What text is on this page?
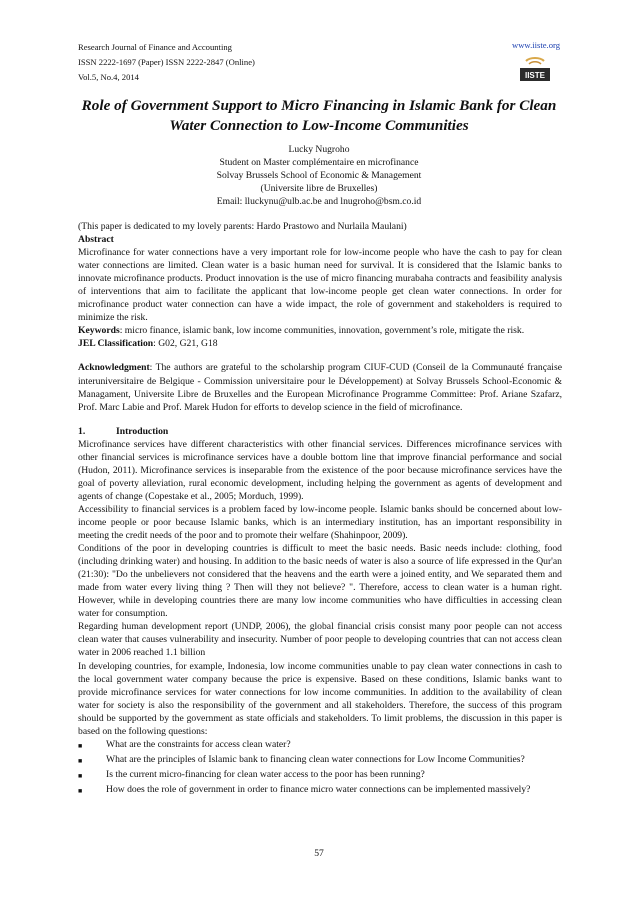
Research Journal of Finance and Accounting
ISSN 2222-1697 (Paper) ISSN 2222-2847 (Online)
Vol.5, No.4, 2014
www.iiste.org
IISTE
Role of Government Support to Micro Financing in Islamic Bank for Clean Water Connection to Low-Income Communities
Lucky Nugroho
Student on Master complémentaire en microfinance
Solvay Brussels School of Economic & Management
(Universite libre de Bruxelles)
Email: lluckynu@ulb.ac.be and lnugroho@bsm.co.id

(This paper is dedicated to my lovely parents: Hardo Prastowo and Nurlaila Maulani)

Abstract

Microfinance for water connections have a very important role for low-income people who have the cash to pay for clean water connections are limited. Clean water is a basic human need for survival. It is considered that the Islamic banks to innovate microfinance products. Product innovation is the use of micro financing murabaha contracts and feasibility analysis of interventions that aim to facilitate the applicant that low-income people get clean water connections. In order for microfinance product water connection can have a wide impact, the role of government and stakeholders is required to minimize the risk.

Keywords: micro finance, islamic bank, low income communities, innovation, government’s role, mitigate the risk.

JEL Classification: G02, G21, G18

Acknowledgment: The authors are grateful to the scholarship program CIUF-CUD (Conseil de la Communauté française interuniversitaire de Belgique - Commission universitaire pour le Développement) at Solvay Brussels School-Economic & Managament, Universite Libre de Bruxelles and the European Microfinance Programme Committee: Prof. Ariane Szafarz, Prof. Marc Labie and Prof. Marek Hudon for efforts to develop science in the field of microfinance.

1.	Introduction

Microfinance services have different characteristics with other financial services. Differences microfinance services with other financial services is microfinance services have a double bottom line that improve financial performance and social (Hudon, 2011). Microfinance services is inseparable from the existence of the poor because microfinance services have the goal of poverty alleviation, rural economic development, including helping the government as agents of development and agents of change (Copestake et al., 2005; Morduch, 1999).

Accessibility to financial services is a problem faced by low-income people. Islamic banks should be concerned about low-income people or poor because Islamic banks, which is an intermediary institution, has an important responsibility in meeting the credit needs of the poor and to promote their welfare (Shahinpoor, 2009).

Conditions of the poor in developing countries is difficult to meet the basic needs. Basic needs include: clothing, food (including drinking water) and housing. In addition to the basic needs of water is also a source of life expressed in the Qur'an (21:30): "Do the unbelievers not considered that the heavens and the earth were a joined entity, and We separated them and made from water every living thing ? Then will they not believe? ". Therefore, access to clean water is a human right. However, while in developing countries there are many low income communities who have difficulties in accessing clean water for consumption.

Regarding human development report (UNDP, 2006), the global financial crisis consist many poor people can not access clean water that causes vulnerability and insecurity. Number of poor people to developing countries that can not access clean water in 2006 reached 1.1 billion

In developing countries, for example, Indonesia, low income communities unable to pay clean water connections in cash to the local government water company because the price is expensive. Based on these conditions, Islamic banks want to provide microfinance services for water connections for low income communities. In addition to the availability of clean water for society is also the responsibility of the government and all stakeholders. Therefore, the success of this program should be supported by the government as state officials and stakeholders. To limit problems, the discussion in this paper is based on the following questions:

■	What are the constraints for access clean water?
■	What are the principles of Islamic bank to financing clean water connections for Low Income Communities?
■	Is the current micro-financing for clean water access to the poor has been running?
■	How does the role of government in order to finance micro water connections can be implemented massively?
57
